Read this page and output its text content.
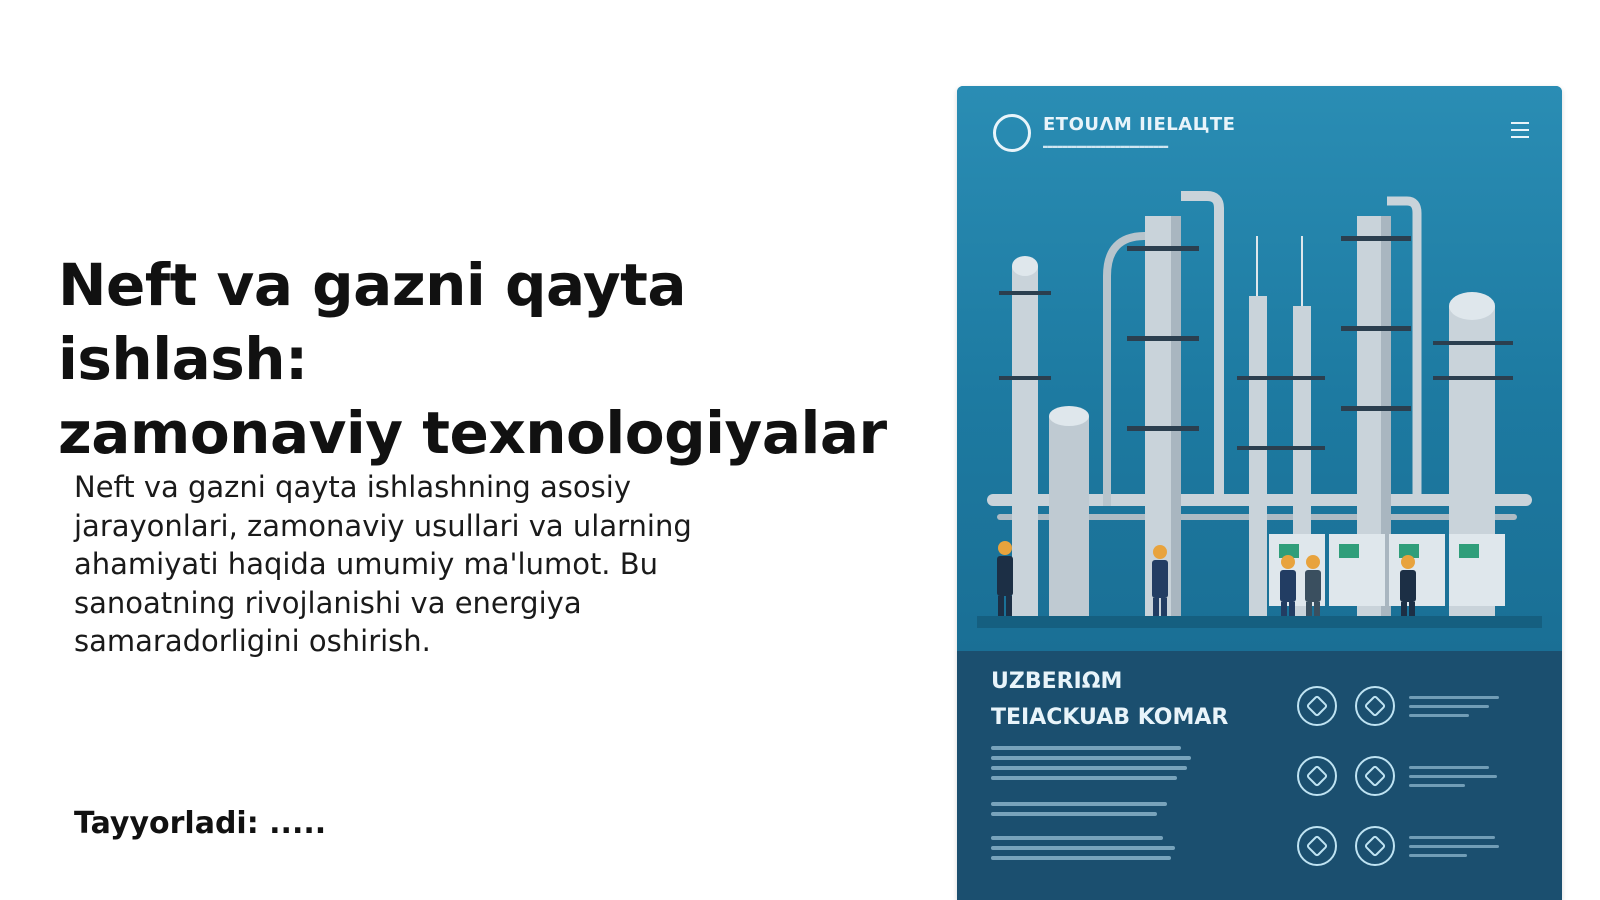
Neft va gazni qayta ishlash:
zamonaviy texnologiyalar

Neft va gazni qayta ishlashning asosiy jarayonlari, zamonaviy usullari va ularning ahamiyati haqida umumiy ma'lumot. Bu sanoatning rivojlanishi va energiya samaradorligini oshirish.

Tayyorladi: .....

ETOUΛM IIELAЦTE
▬▬▬▬▬▬▬▬▬▬▬▬▬▬▬▬▬▬▬▬▬▬▬▬▬▬
UZBERIΩM
TEIACKUAB KOMAR
